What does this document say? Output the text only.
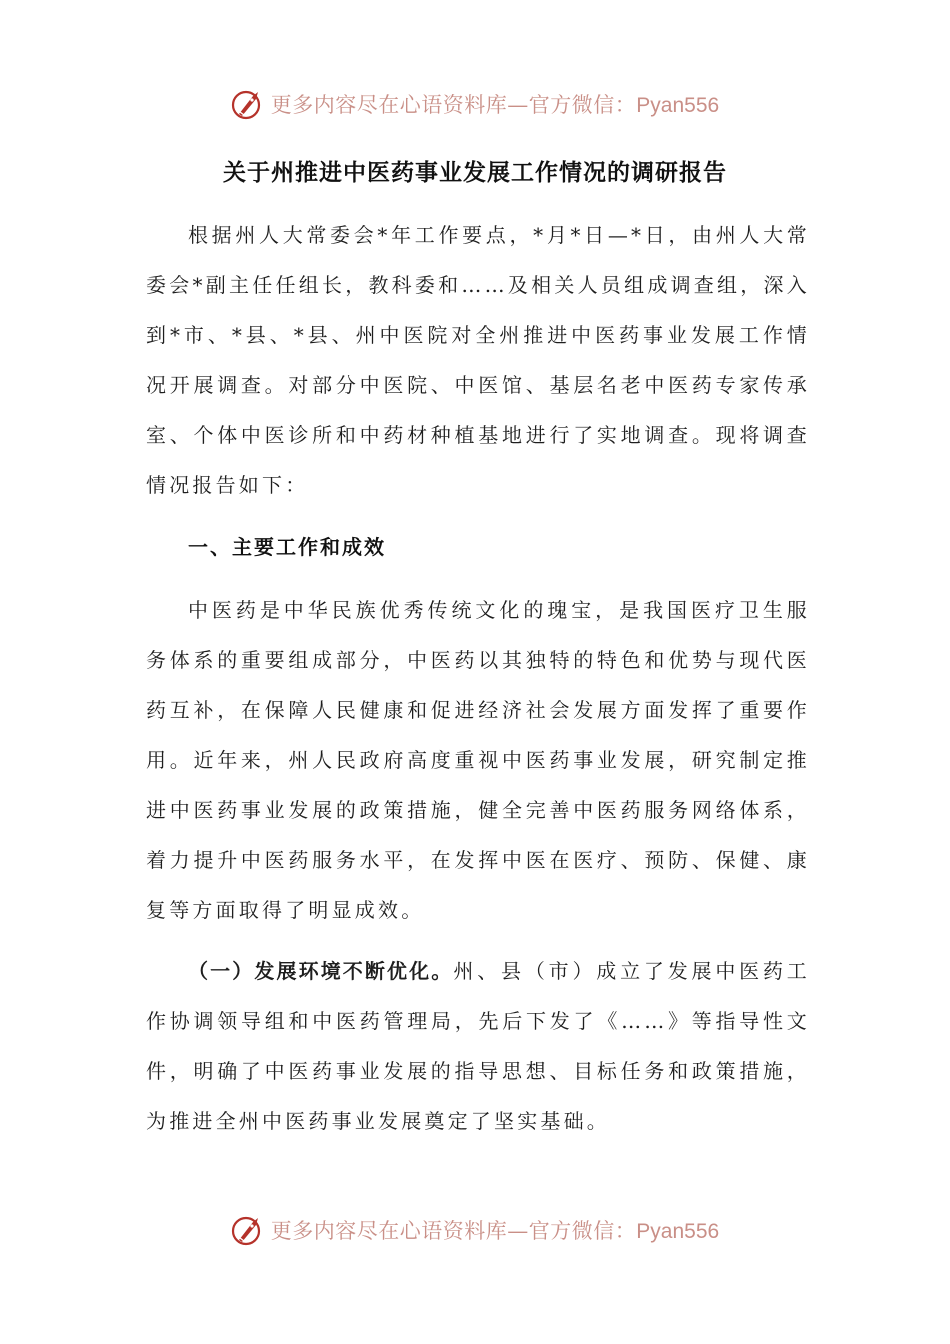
更多内容尽在心语资料库—官方微信：Pyan556
关于州推进中医药事业发展工作情况的调研报告

根据州人大常委会*年工作要点，*月*日—*日，由州人大常委会*副主任任组长，教科委和……及相关人员组成调查组，深入到*市、*县、*县、州中医院对全州推进中医药事业发展工作情况开展调查。对部分中医院、中医馆、基层名老中医药专家传承室、个体中医诊所和中药材种植基地进行了实地调查。现将调查情况报告如下：

一、主要工作和成效

中医药是中华民族优秀传统文化的瑰宝，是我国医疗卫生服务体系的重要组成部分，中医药以其独特的特色和优势与现代医药互补，在保障人民健康和促进经济社会发展方面发挥了重要作用。近年来，州人民政府高度重视中医药事业发展，研究制定推进中医药事业发展的政策措施，健全完善中医药服务网络体系，着力提升中医药服务水平，在发挥中医在医疗、预防、保健、康复等方面取得了明显成效。

（一）发展环境不断优化。州、县（市）成立了发展中医药工作协调领导组和中医药管理局，先后下发了《……》等指导性文件，明确了中医药事业发展的指导思想、目标任务和政策措施，为推进全州中医药事业发展奠定了坚实基础。

更多内容尽在心语资料库—官方微信：Pyan556
